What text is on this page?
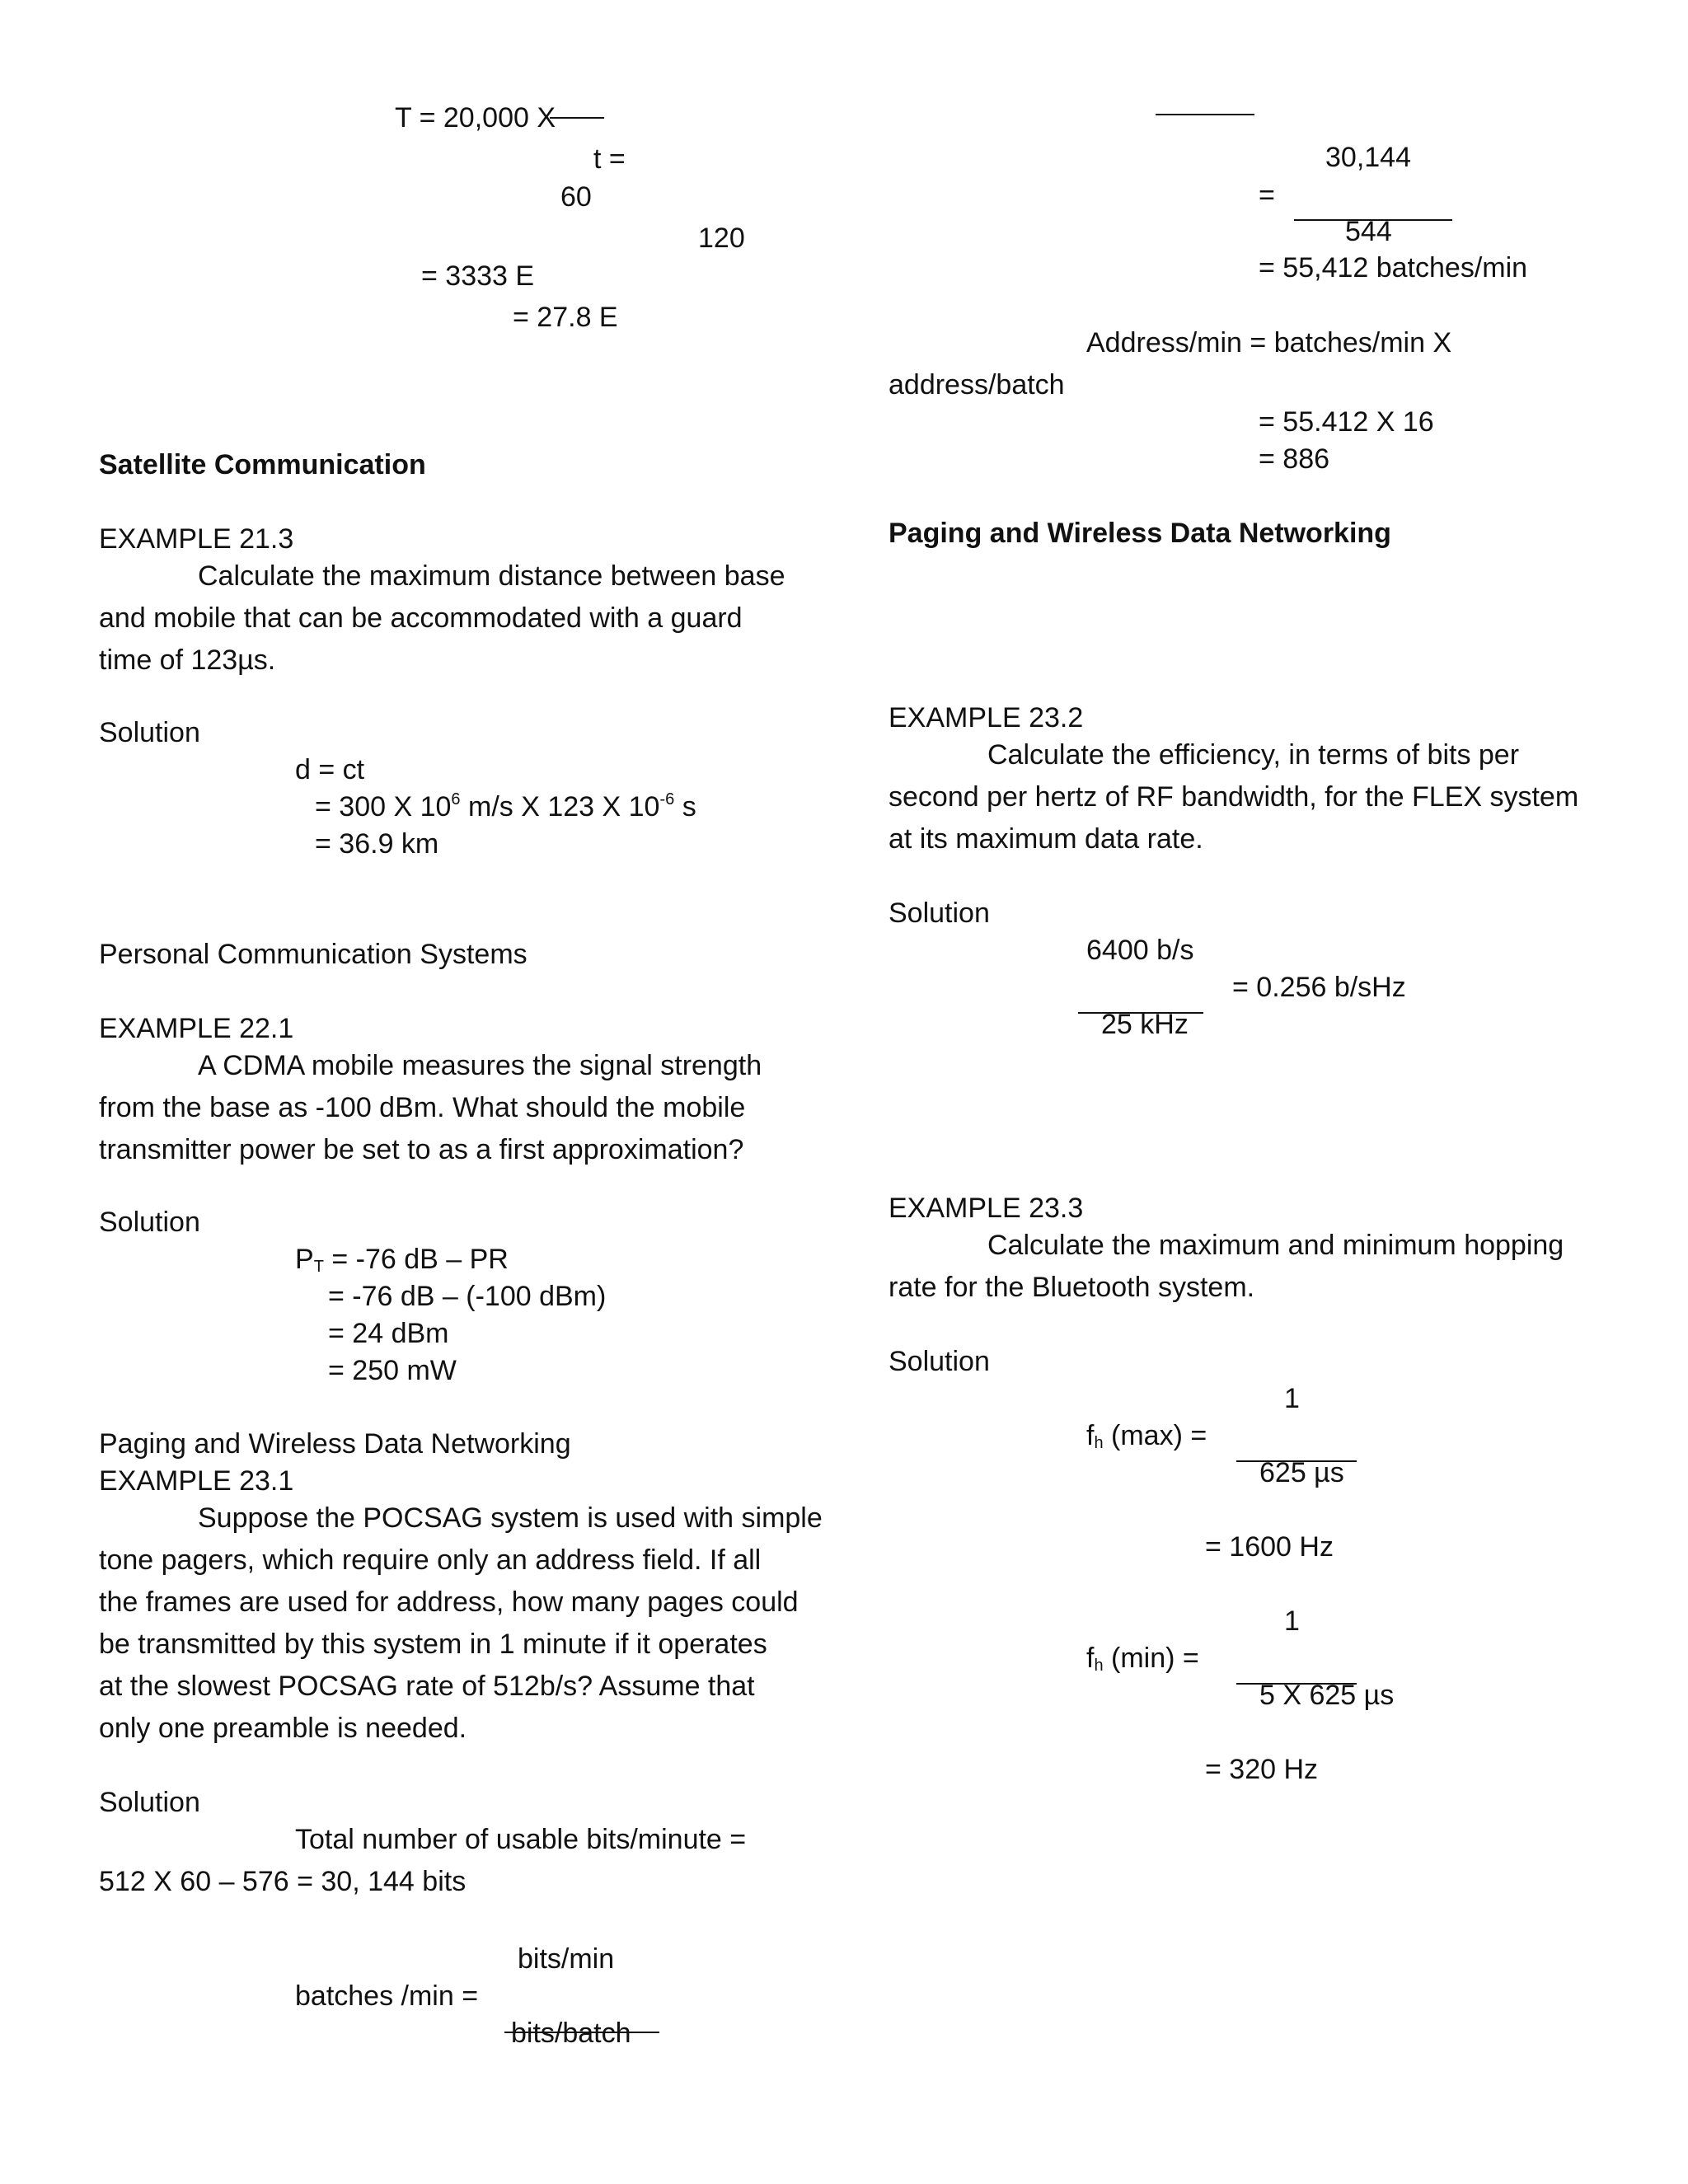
T = 20,000 X
t =
60
120
= 3333 E
= 27.8 E
Satellite Communication
EXAMPLE 21.3
Calculate the maximum distance between base
and mobile that can be accommodated with a guard
time of 123µs.
Solution
d = ct
= 300 X $10^6$ m/s X 123 X $10^{-6}$ s
= 36.9 km
Personal Communication Systems
EXAMPLE 22.1
A CDMA mobile measures the signal strength
from the base as -100 dBm. What should the mobile
transmitter power be set to as a first approximation?
Solution
$P_T = -76$ dB – PR
= -76 dB – (-100 dBm)
= 24 dBm
= 250 mW
Paging and Wireless Data Networking
EXAMPLE 23.1
Suppose the POCSAG system is used with simple
tone pagers, which require only an address field. If all
the frames are used for address, how many pages could
be transmitted by this system in 1 minute if it operates
at the slowest POCSAG rate of 512b/s? Assume that
only one preamble is needed.
Solution
Total number of usable bits/minute =
512 X 60 – 576 = 30, 144 bits
bits/min
batches /min =
bits/batch
30,144
=
544
= 55,412 batches/min
Address/min = batches/min X
address/batch
= 55.412 X 16
= 886
Paging and Wireless Data Networking
EXAMPLE 23.2
Calculate the efficiency, in terms of bits per
second per hertz of RF bandwidth, for the FLEX system
at its maximum data rate.
Solution
6400 b/s
= 0.256 b/sHz
25 kHz
EXAMPLE 23.3
Calculate the maximum and minimum hopping
rate for the Bluetooth system.
Solution
1
$f_h$ (max) =
625 µs
= 1600 Hz
1
$f_h$ (min) =
5 X 625 µs
= 320 Hz
